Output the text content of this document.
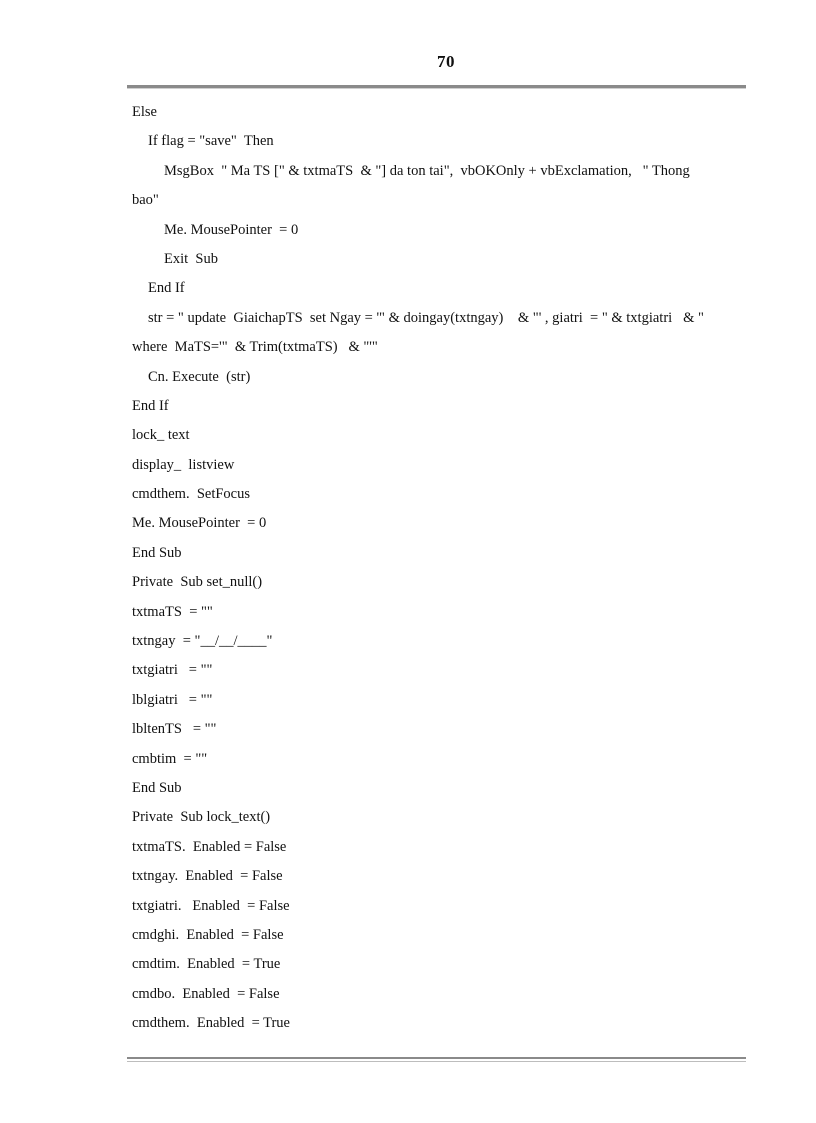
70
Else
If flag = "save"  Then
MsgBox  " Ma TS [" & txtmaTS  & "] da ton tai",  vbOKOnly + vbExclamation,   " Thong
bao"
Me. MousePointer  = 0
Exit  Sub
End If
str = " update  GiaichapTS  set Ngay = '" & doingay(txtngay)    & "' , giatri  = " & txtgiatri   & "
where  MaTS='"  & Trim(txtmaTS)   & "'"
Cn. Execute  (str)
End If
lock_ text
display_  listview
cmdthem.  SetFocus
Me. MousePointer  = 0
End Sub
Private  Sub set_null()
txtmaTS  = ""
txtngay  = "__/__/____"
txtgiatri   = ""
lblgiatri   = ""
lbltenTS   = ""
cmbtim  = ""
End Sub
Private  Sub lock_text()
txtmaTS.  Enabled = False
txtngay.  Enabled  = False
txtgiatri.   Enabled  = False
cmdghi.  Enabled  = False
cmdtim.  Enabled  = True
cmdbo.  Enabled  = False
cmdthem.  Enabled  = True
